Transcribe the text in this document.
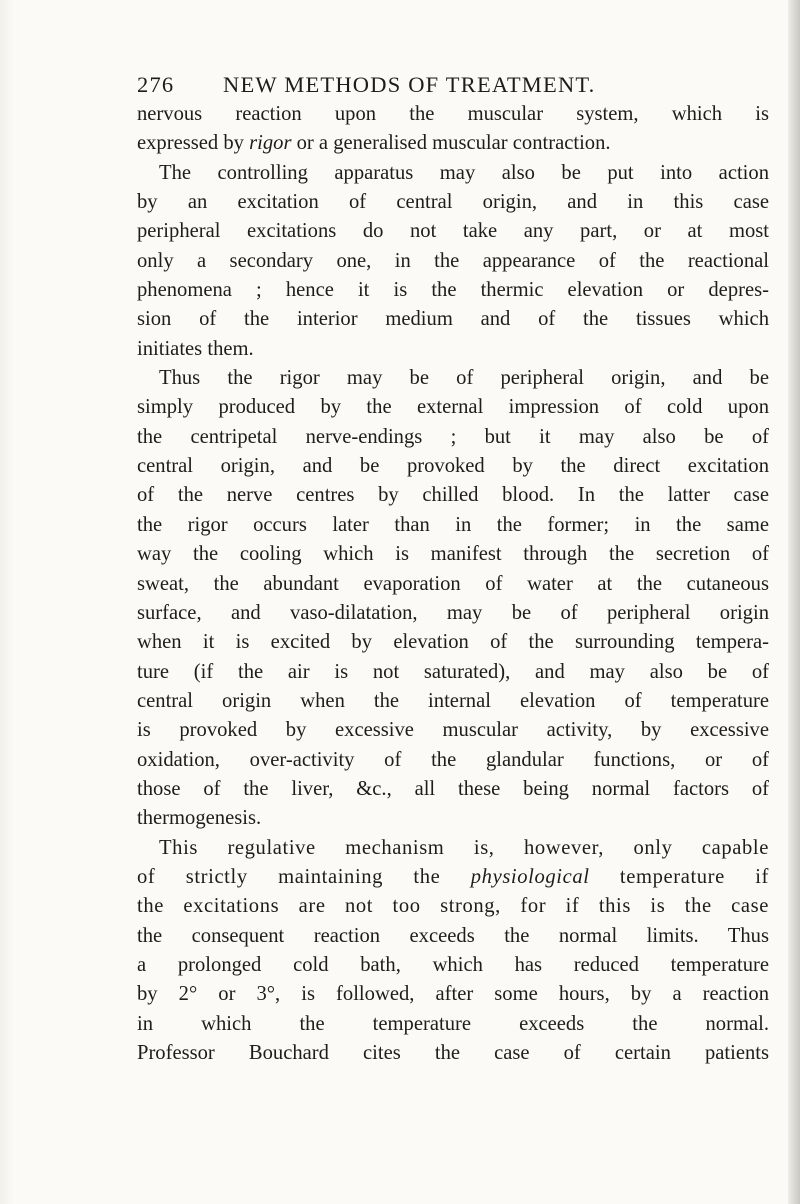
276	NEW METHODS OF TREATMENT.

nervous reaction upon the muscular system, which is
expressed by rigor or a generalised muscular contraction.
The controlling apparatus may also be put into action
by an excitation of central origin, and in this case
peripheral excitations do not take any part, or at most
only a secondary one, in the appearance of the reactional
phenomena ; hence it is the thermic elevation or depres-
sion of the interior medium and of the tissues which
initiates them.

Thus the rigor may be of peripheral origin, and be
simply produced by the external impression of cold upon
the centripetal nerve-endings ; but it may also be of
central origin, and be provoked by the direct excitation
of the nerve centres by chilled blood. In the latter case
the rigor occurs later than in the former; in the same
way the cooling which is manifest through the secretion of
sweat, the abundant evaporation of water at the cutaneous
surface, and vaso-dilatation, may be of peripheral origin
when it is excited by elevation of the surrounding tempera-
ture (if the air is not saturated), and may also be of
central origin when the internal elevation of temperature
is provoked by excessive muscular activity, by excessive
oxidation, over-activity of the glandular functions, or of
those of the liver, &c., all these being normal factors of
thermogenesis.

This regulative mechanism is, however, only capable
of strictly maintaining the physiological temperature if
the excitations are not too strong, for if this is the case
the consequent reaction exceeds the normal limits. Thus
a prolonged cold bath, which has reduced temperature
by 2° or 3°, is followed, after some hours, by a reaction
in which the temperature exceeds the normal.
Professor Bouchard cites the case of certain patients
